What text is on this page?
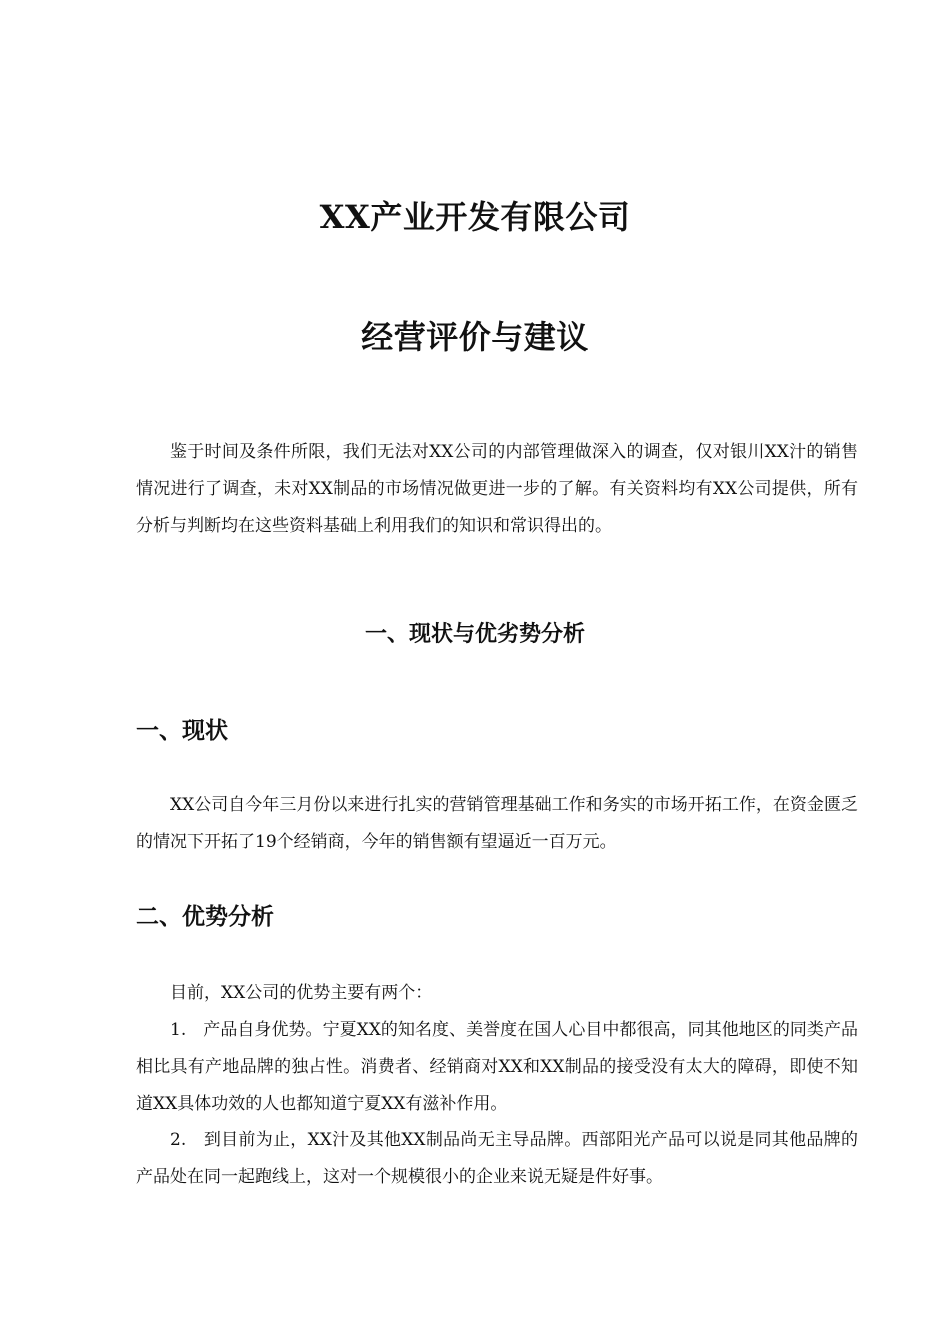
XX产业开发有限公司
经营评价与建议

鉴于时间及条件所限，我们无法对XX公司的内部管理做深入的调查，仅对银川XX汁的销售情况进行了调查，未对XX制品的市场情况做更进一步的了解。有关资料均有XX公司提供，所有分析与判断均在这些资料基础上利用我们的知识和常识得出的。

一、现状与优劣势分析
一、现状

XX公司自今年三月份以来进行扎实的营销管理基础工作和务实的市场开拓工作，在资金匮乏的情况下开拓了19个经销商，今年的销售额有望逼近一百万元。

二、优势分析

目前，XX公司的优势主要有两个：

1.　产品自身优势。宁夏XX的知名度、美誉度在国人心目中都很高，同其他地区的同类产品相比具有产地品牌的独占性。消费者、经销商对XX和XX制品的接受没有太大的障碍，即使不知道XX具体功效的人也都知道宁夏XX有滋补作用。

2.　到目前为止，XX汁及其他XX制品尚无主导品牌。西部阳光产品可以说是同其他品牌的产品处在同一起跑线上，这对一个规模很小的企业来说无疑是件好事。
